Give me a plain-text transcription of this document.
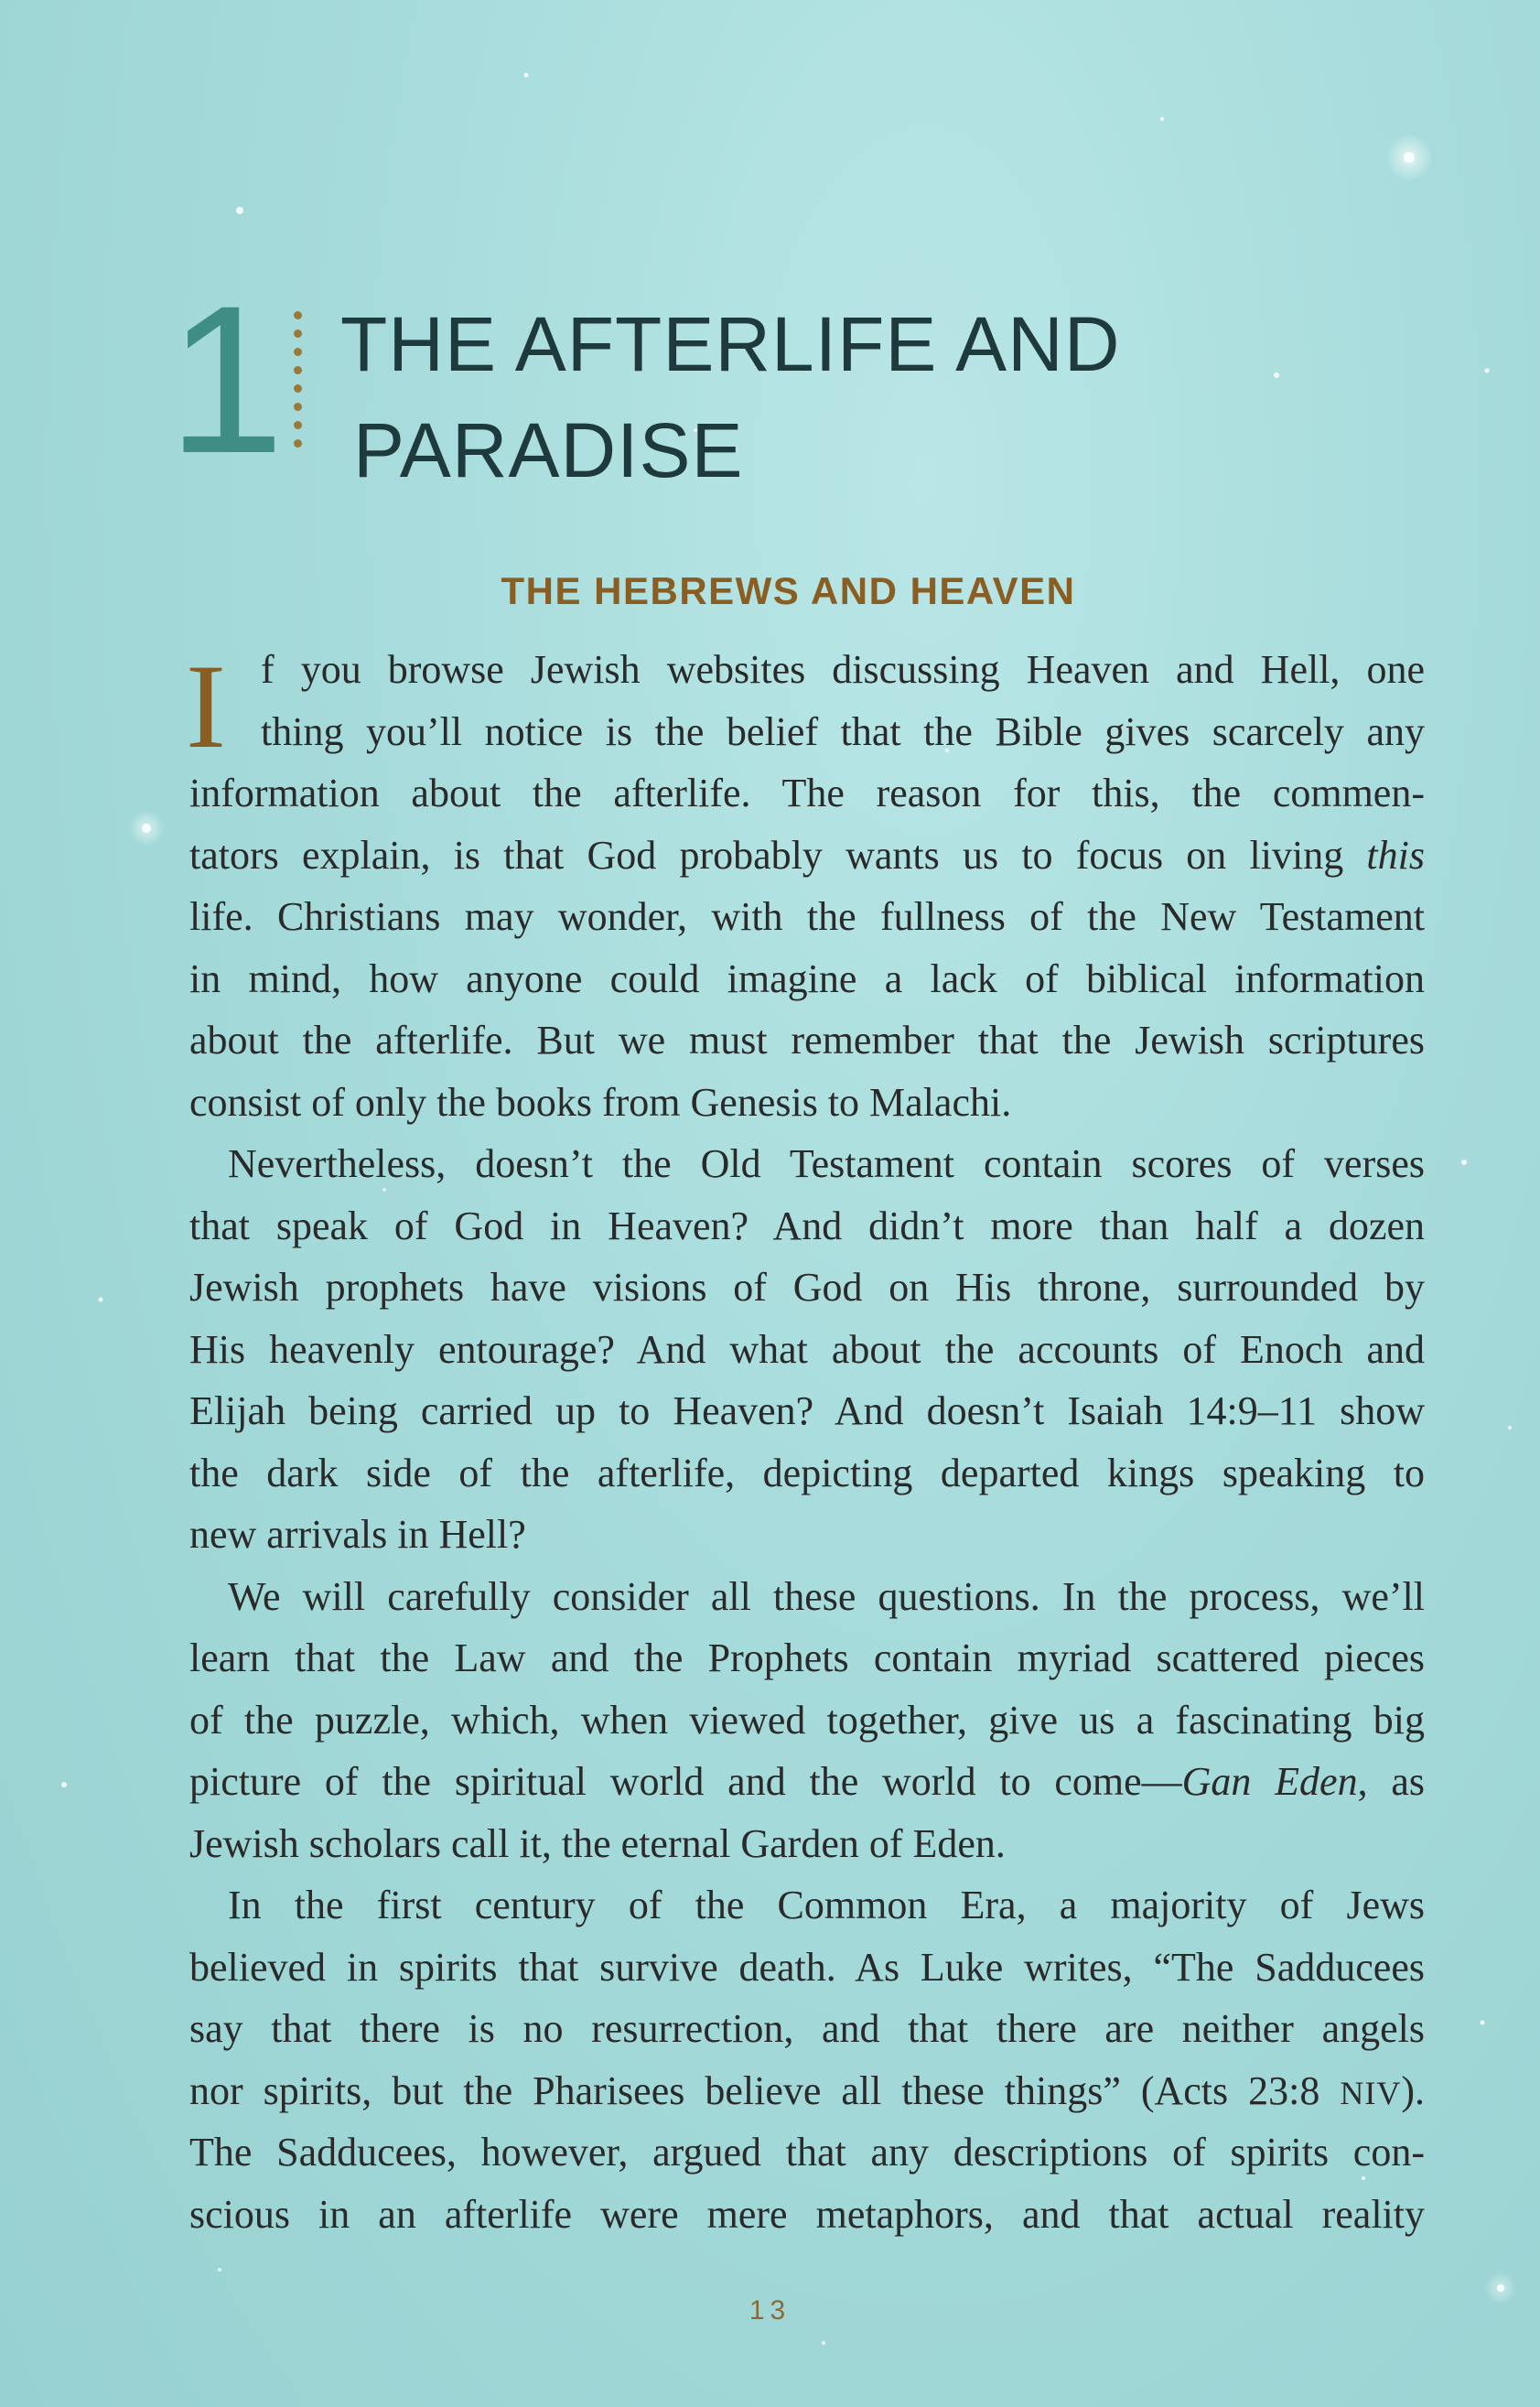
1 THE AFTERLIFE AND
PARADISE
THE HEBREWS AND HEAVEN
I f you browse Jewish websites discussing Heaven and Hell, one
thing you’ll notice is the belief that the Bible gives scarcely any
information about the afterlife. The reason for this, the commen-
tators explain, is that God probably wants us to focus on living this
life. Christians may wonder, with the fullness of the New Testament
in mind, how anyone could imagine a lack of biblical information
about the afterlife. But we must remember that the Jewish scriptures
consist of only the books from Genesis to Malachi.
Nevertheless, doesn’t the Old Testament contain scores of verses
that speak of God in Heaven? And didn’t more than half a dozen
Jewish prophets have visions of God on His throne, surrounded by
His heavenly entourage? And what about the accounts of Enoch and
Elijah being carried up to Heaven? And doesn’t Isaiah 14:9–11 show
the dark side of the afterlife, depicting departed kings speaking to
new arrivals in Hell?
We will carefully consider all these questions. In the process, we’ll
learn that the Law and the Prophets contain myriad scattered pieces
of the puzzle, which, when viewed together, give us a fascinating big
picture of the spiritual world and the world to come—Gan Eden, as
Jewish scholars call it, the eternal Garden of Eden.
In the first century of the Common Era, a majority of Jews
believed in spirits that survive death. As Luke writes, “The Sadducees
say that there is no resurrection, and that there are neither angels
nor spirits, but the Pharisees believe all these things” (Acts 23:8 NIV).
The Sadducees, however, argued that any descriptions of spirits con-
scious in an afterlife were mere metaphors, and that actual reality
13
